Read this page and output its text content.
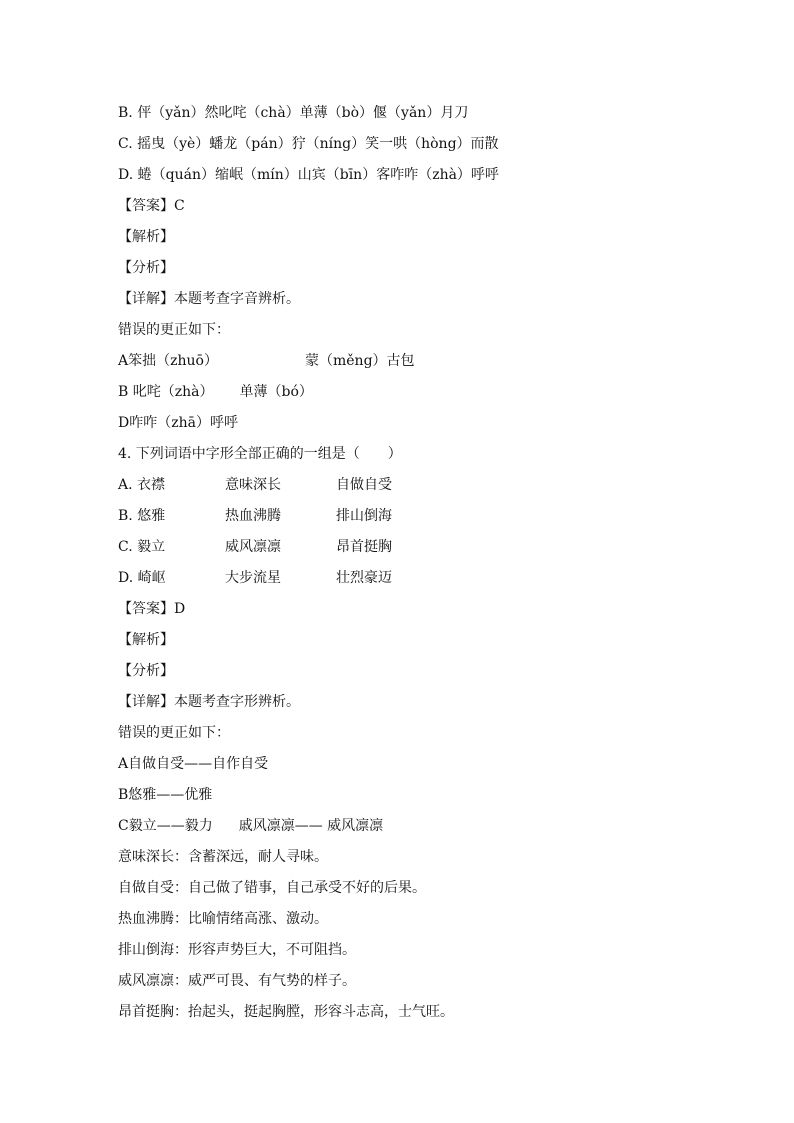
B. 伻（yǎn）然叱咤（chà）单薄（bò）偃（yǎn）月刀
C. 摇曳（yè）蟠龙（pán）狞（níng）笑一哄（hòng）而散
D. 蜷（quán）缩岷（mín）山宾（bīn）客咋咋（zhà）呼呼
【答案】C
【解析】
【分析】
【详解】本题考查字音辨析。
错误的更正如下：
A笨拙（zhuō）	蒙（měng）古包
B 叱咤（zhà） 单薄（bó）
D咋咋（zhā）呼呼
4. 下列词语中字形全部正确的一组是（　　）
A. 衣襟	意味深长	自做自受
B. 悠雅	热血沸腾	排山倒海
C. 毅立	威风凛凛	昂首挺胸
D. 崎岖	大步流星	壮烈豪迈
【答案】D
【解析】
【分析】
【详解】本题考查字形辨析。
错误的更正如下：
A自做自受——自作自受
B悠雅——优雅
C毅立——毅力 戚风凛凛—— 威风凛凛
意味深长：含蓄深远，耐人寻味。
自做自受：自己做了错事，自己承受不好的后果。
热血沸腾：比喻情绪高涨、激动。
排山倒海：形容声势巨大，不可阻挡。
威风凛凛：威严可畏、有气势的样子。
昂首挺胸：抬起头，挺起胸膛，形容斗志高，士气旺。
